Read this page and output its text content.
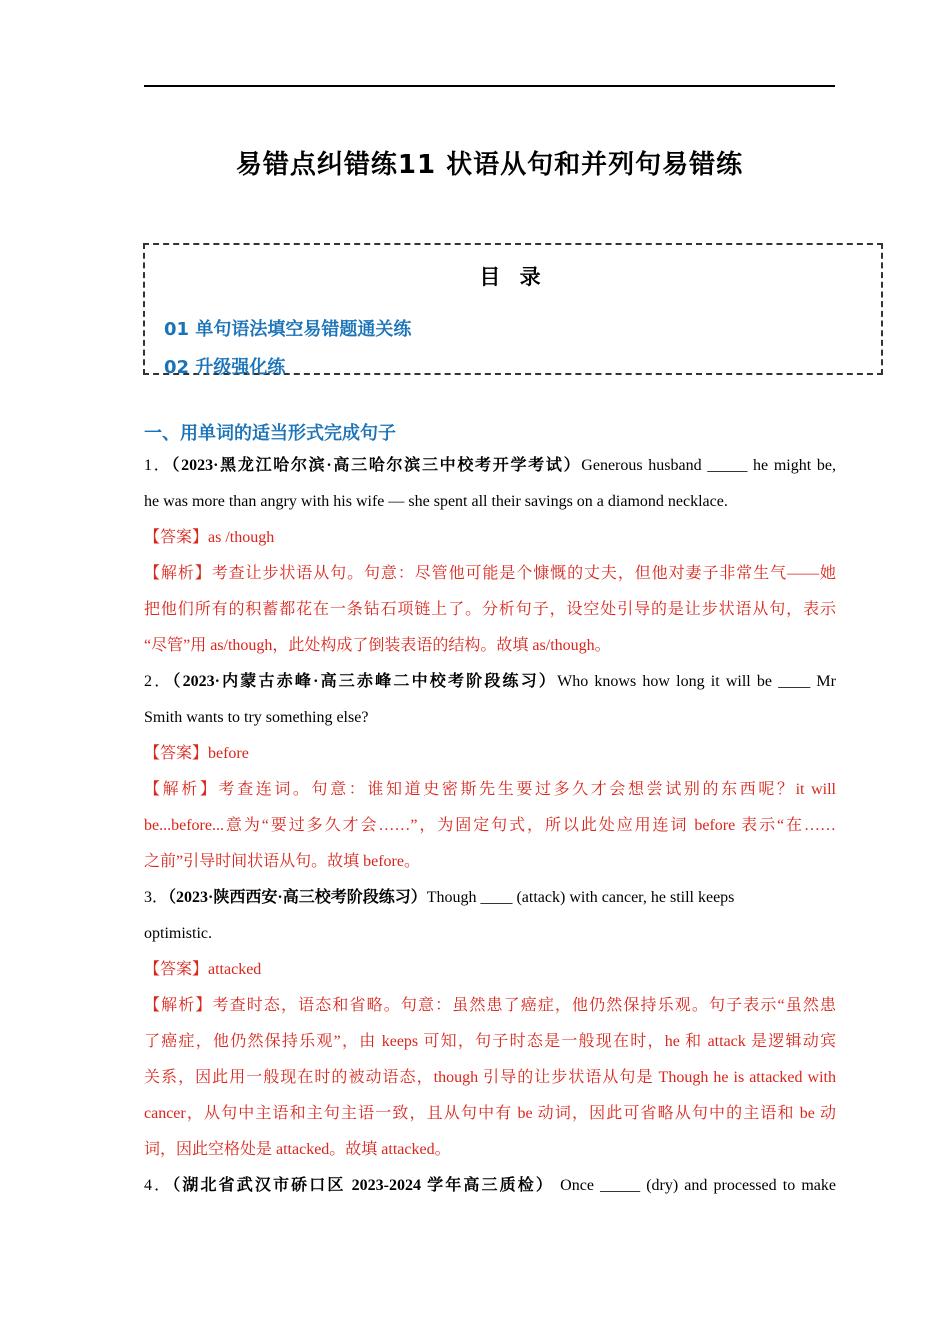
易错点纠错练11 状语从句和并列句易错练
目 录
01 单句语法填空易错题通关练
02 升级强化练
一、用单词的适当形式完成句子
1．（2023·黑龙江哈尔滨·高三哈尔滨三中校考开学考试）Generous husband _____ he might be,
he was more than angry with his wife — she spent all their savings on a diamond necklace.
【答案】as /though
【解析】考查让步状语从句。句意：尽管他可能是个慷慨的丈夫，但他对妻子非常生气——她
把他们所有的积蓄都花在一条钻石项链上了。分析句子，设空处引导的是让步状语从句，表示
“尽管”用 as/though，此处构成了倒装表语的结构。故填 as/though。
2．（2023·内蒙古赤峰·高三赤峰二中校考阶段练习）Who knows how long it will be ____ Mr
Smith wants to try something else?
【答案】before
【解析】考查连词。句意：谁知道史密斯先生要过多久才会想尝试别的东西呢？it will
be...before...意为“要过多久才会……”，为固定句式，所以此处应用连词 before 表示“在……
之前”引导时间状语从句。故填 before。
3．（2023·陕西西安·高三校考阶段练习）Though ____ (attack) with cancer, he still keeps
optimistic.
【答案】attacked
【解析】考查时态，语态和省略。句意：虽然患了癌症，他仍然保持乐观。句子表示“虽然患
了癌症，他仍然保持乐观”，由 keeps 可知，句子时态是一般现在时，he 和 attack 是逻辑动宾
关系，因此用一般现在时的被动语态，though 引导的让步状语从句是 Though he is attacked with
cancer，从句中主语和主句主语一致，且从句中有 be 动词，因此可省略从句中的主语和 be 动
词，因此空格处是 attacked。故填 attacked。
4．（湖北省武汉市硚口区 2023-2024 学年高三质检） Once _____ (dry) and processed to make
